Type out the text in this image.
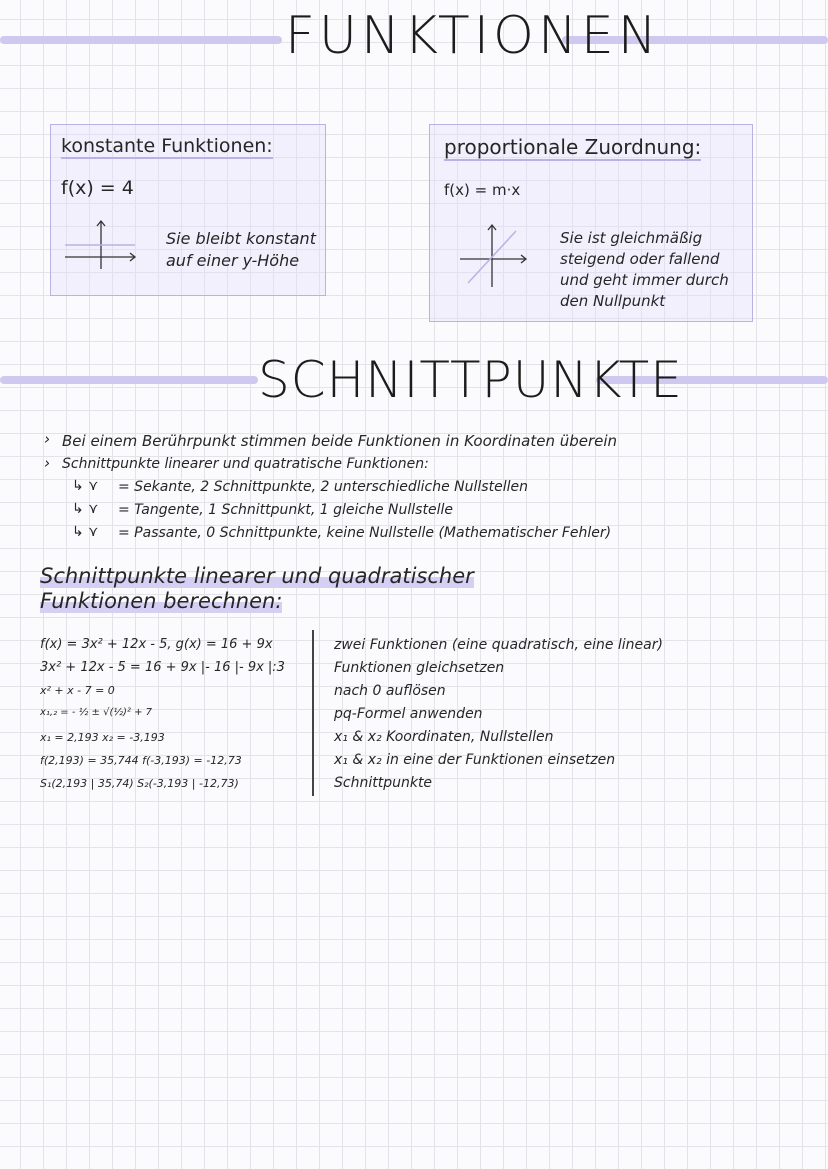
FUNKTIONEN
konstante Funktionen:
f(x) = 4
Sie bleibt konstant
auf einer y-Höhe
proportionale Zuordnung:
f(x) = m·x
Sie ist gleichmäßig
steigend oder fallend
und geht immer durch
den Nullpunkt
SCHNITTPUNKTE
› Bei einem Berührpunkt stimmen beide Funktionen in Koordinaten überein
› Schnittpunkte linearer und quatratische Funktionen:
↳ ⋎ = Sekante, 2 Schnittpunkte, 2 unterschiedliche Nullstellen
↳ ⋎ = Tangente, 1 Schnittpunkt, 1 gleiche Nullstelle
↳ ⋎ = Passante, 0 Schnittpunkte, keine Nullstelle (Mathematischer Fehler)
Schnittpunkte linearer und quadratischer
Funktionen berechnen:
f(x) = 3x² + 12x - 5, g(x) = 16 + 9x
3x² + 12x - 5 = 16 + 9x |- 16 |- 9x |:3
x² + x - 7 = 0
x₁,₂ = - ½ ± √(½)² + 7
x₁ = 2,193 x₂ = -3,193
f(2,193) = 35,744 f(-3,193) = -12,73
S₁(2,193 | 35,74) S₂(-3,193 | -12,73)
zwei Funktionen (eine quadratisch, eine linear)
Funktionen gleichsetzen
nach 0 auflösen
pq-Formel anwenden
x₁ & x₂ Koordinaten, Nullstellen
x₁ & x₂ in eine der Funktionen einsetzen
Schnittpunkte
